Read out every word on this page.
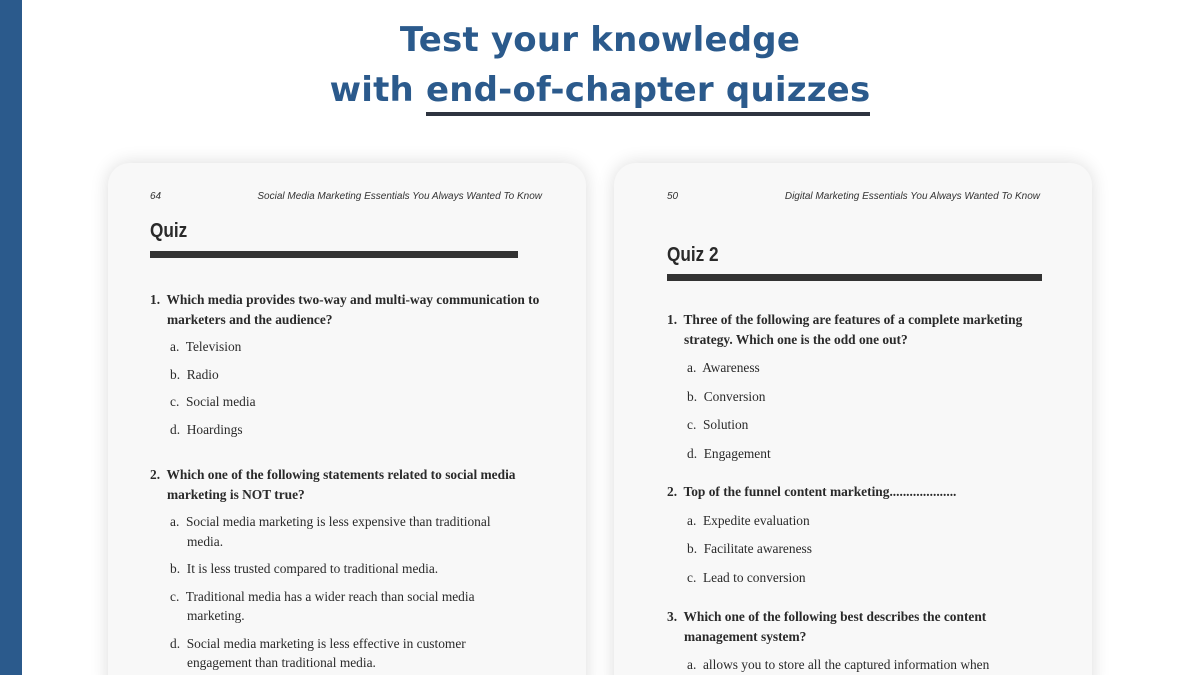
Test your knowledge
with end-of-chapter quizzes
64	Social Media Marketing Essentials You Always Wanted To Know
Quiz
1.  Which media provides two-way and multi-way communication to marketers and the audience?
a.  Television
b.  Radio
c.  Social media
d.  Hoardings
2.  Which one of the following statements related to social media marketing is NOT true?
a.  Social media marketing is less expensive than traditional media.
b.  It is less trusted compared to traditional media.
c.  Traditional media has a wider reach than social media marketing.
d.  Social media marketing is less effective in customer engagement than traditional media.
50	Digital Marketing Essentials You Always Wanted To Know
Quiz 2
1.  Three of the following are features of a complete marketing strategy. Which one is the odd one out?
a.  Awareness
b.  Conversion
c.  Solution
d.  Engagement
2.  Top of the funnel content marketing....................
a.  Expedite evaluation
b.  Facilitate awareness
c.  Lead to conversion
3.  Which one of the following best describes the content management system?
a.  allows you to store all the captured information when
